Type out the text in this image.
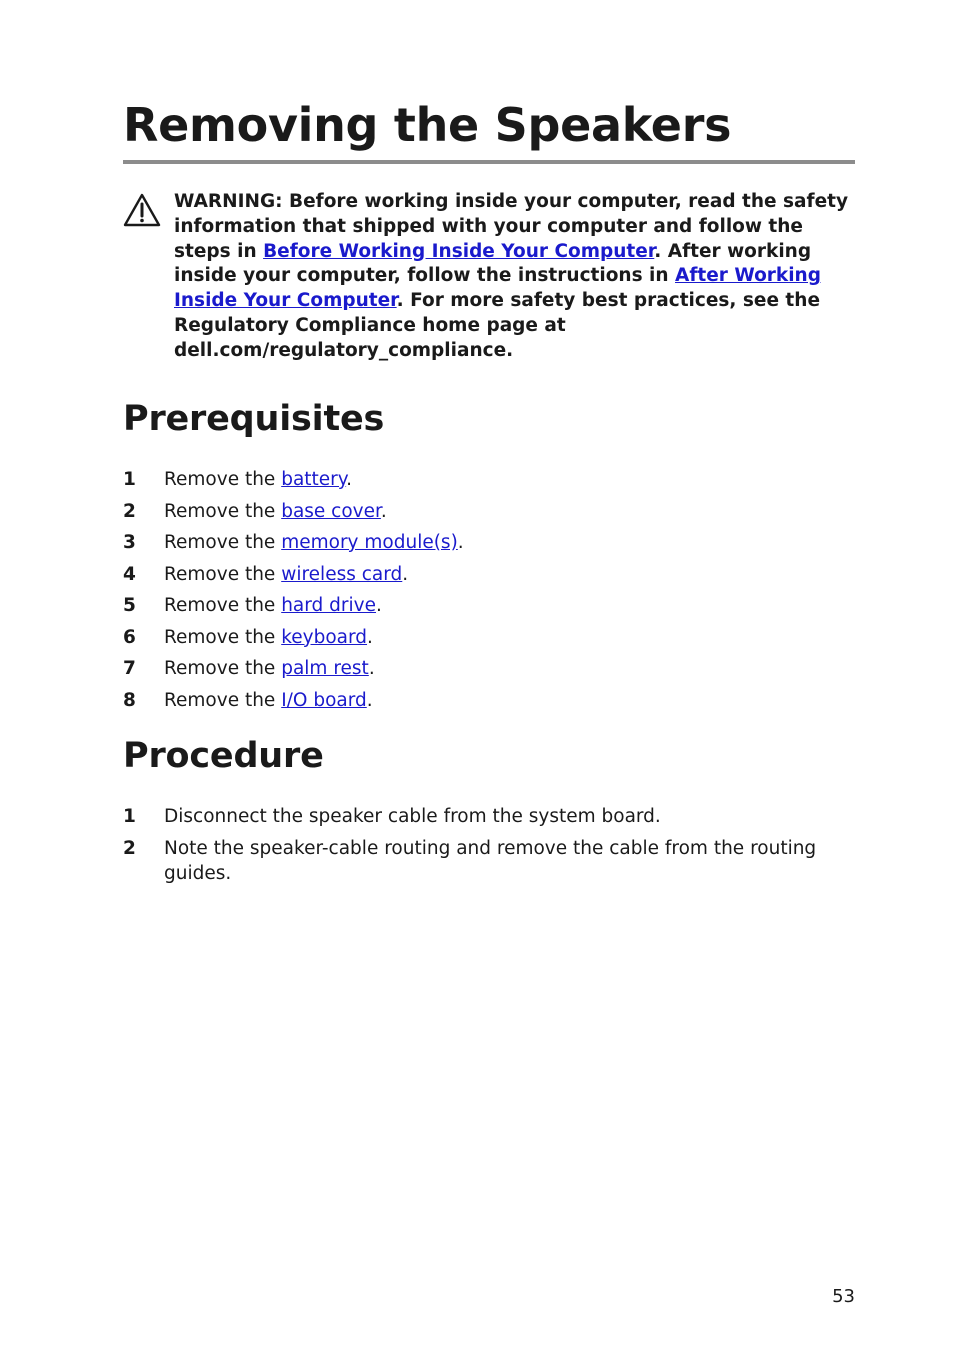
Removing the Speakers

WARNING: Before working inside your computer, read the safety information that shipped with your computer and follow the steps in Before Working Inside Your Computer. After working inside your computer, follow the instructions in After Working Inside Your Computer. For more safety best practices, see the Regulatory Compliance home page at dell.com/regulatory_compliance.

Prerequisites
1 Remove the battery.
2 Remove the base cover.
3 Remove the memory module(s).
4 Remove the wireless card.
5 Remove the hard drive.
6 Remove the keyboard.
7 Remove the palm rest.
8 Remove the I/O board.
Procedure
1 Disconnect the speaker cable from the system board.
2 Note the speaker-cable routing and remove the cable from the routing guides.
53
